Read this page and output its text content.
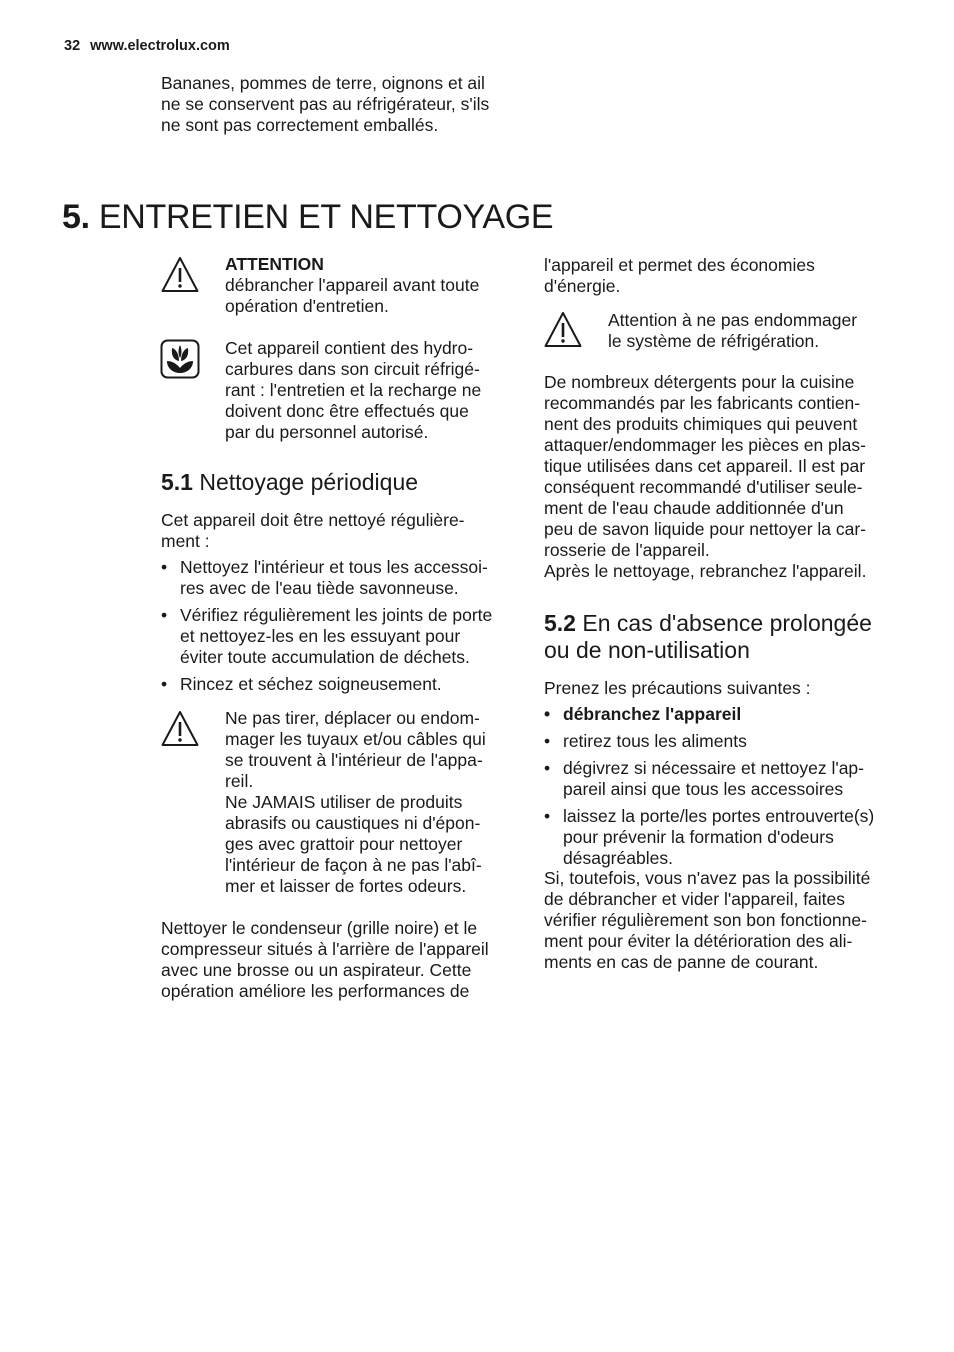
32 www.electrolux.com
Bananes, pommes de terre, oignons et ail
ne se conservent pas au réfrigérateur, s'ils
ne sont pas correctement emballés.
5. ENTRETIEN ET NETTOYAGE
ATTENTION
débrancher l'appareil avant toute
opération d'entretien.
Cet appareil contient des hydro-
carbures dans son circuit réfrigé-
rant : l'entretien et la recharge ne
doivent donc être effectués que
par du personnel autorisé.
5.1 Nettoyage périodique
Cet appareil doit être nettoyé régulière-
ment :
• Nettoyez l'intérieur et tous les accessoi-
res avec de l'eau tiède savonneuse.
• Vérifiez régulièrement les joints de porte
et nettoyez-les en les essuyant pour
éviter toute accumulation de déchets.
• Rincez et séchez soigneusement.
Ne pas tirer, déplacer ou endom-
mager les tuyaux et/ou câbles qui
se trouvent à l'intérieur de l'appa-
reil.
Ne JAMAIS utiliser de produits
abrasifs ou caustiques ni d'épon-
ges avec grattoir pour nettoyer
l'intérieur de façon à ne pas l'abî-
mer et laisser de fortes odeurs.
Nettoyer le condenseur (grille noire) et le
compresseur situés à l'arrière de l'appareil
avec une brosse ou un aspirateur. Cette
opération améliore les performances de
l'appareil et permet des économies
d'énergie.
Attention à ne pas endommager
le système de réfrigération.
De nombreux détergents pour la cuisine
recommandés par les fabricants contien-
nent des produits chimiques qui peuvent
attaquer/endommager les pièces en plas-
tique utilisées dans cet appareil. Il est par
conséquent recommandé d'utiliser seule-
ment de l'eau chaude additionnée d'un
peu de savon liquide pour nettoyer la car-
rosserie de l'appareil.
Après le nettoyage, rebranchez l'appareil.
5.2 En cas d'absence prolongée
ou de non-utilisation
Prenez les précautions suivantes :
• débranchez l'appareil
• retirez tous les aliments
• dégivrez si nécessaire et nettoyez l'ap-
pareil ainsi que tous les accessoires
• laissez la porte/les portes entrouverte(s)
pour prévenir la formation d'odeurs
désagréables.
Si, toutefois, vous n'avez pas la possibilité
de débrancher et vider l'appareil, faites
vérifier régulièrement son bon fonctionne-
ment pour éviter la détérioration des ali-
ments en cas de panne de courant.
